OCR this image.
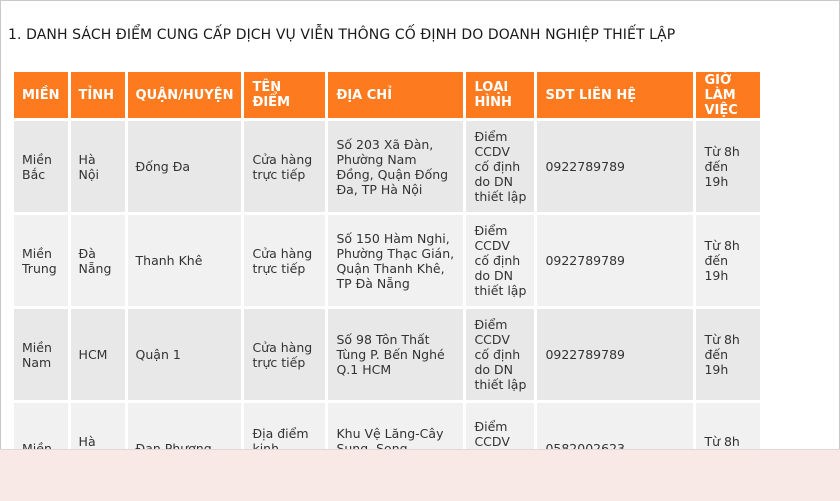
1. DANH SÁCH ĐIỂM CUNG CẤP DỊCH VỤ VIỄN THÔNG CỐ ĐỊNH DO DOANH NGHIỆP THIẾT LẬP
MIỀN	TỈNH	QUẬN/HUYỆN	TÊN ĐIỂM	ĐỊA CHỈ	LOẠI HÌNH	SDT LIÊN HỆ	GIỜ LÀM VIỆC
Miền Bắc	Hà Nội	Đống Đa	Cửa hàng trực tiếp	Số 203 Xã Đàn, Phường Nam Đồng, Quận Đống Đa, TP Hà Nội	Điểm CCDV cố định do DN thiết lập	0922789789	Từ 8h đến 19h
Miền Trung	Đà Nẵng	Thanh Khê	Cửa hàng trực tiếp	Số 150 Hàm Nghi, Phường Thạc Gián, Quận Thanh Khê, TP Đà Nẵng	Điểm CCDV cố định do DN thiết lập	0922789789	Từ 8h đến 19h
Miền Nam	HCM	Quận 1	Cửa hàng trực tiếp	Số 98 Tôn Thất Tùng P. Bến Nghé Q.1 HCM	Điểm CCDV cố định do DN thiết lập	0922789789	Từ 8h đến 19h
	Hà		Địa điểm	Khu Vệ Lăng-Cây	Điểm CCDV		Từ 8h
